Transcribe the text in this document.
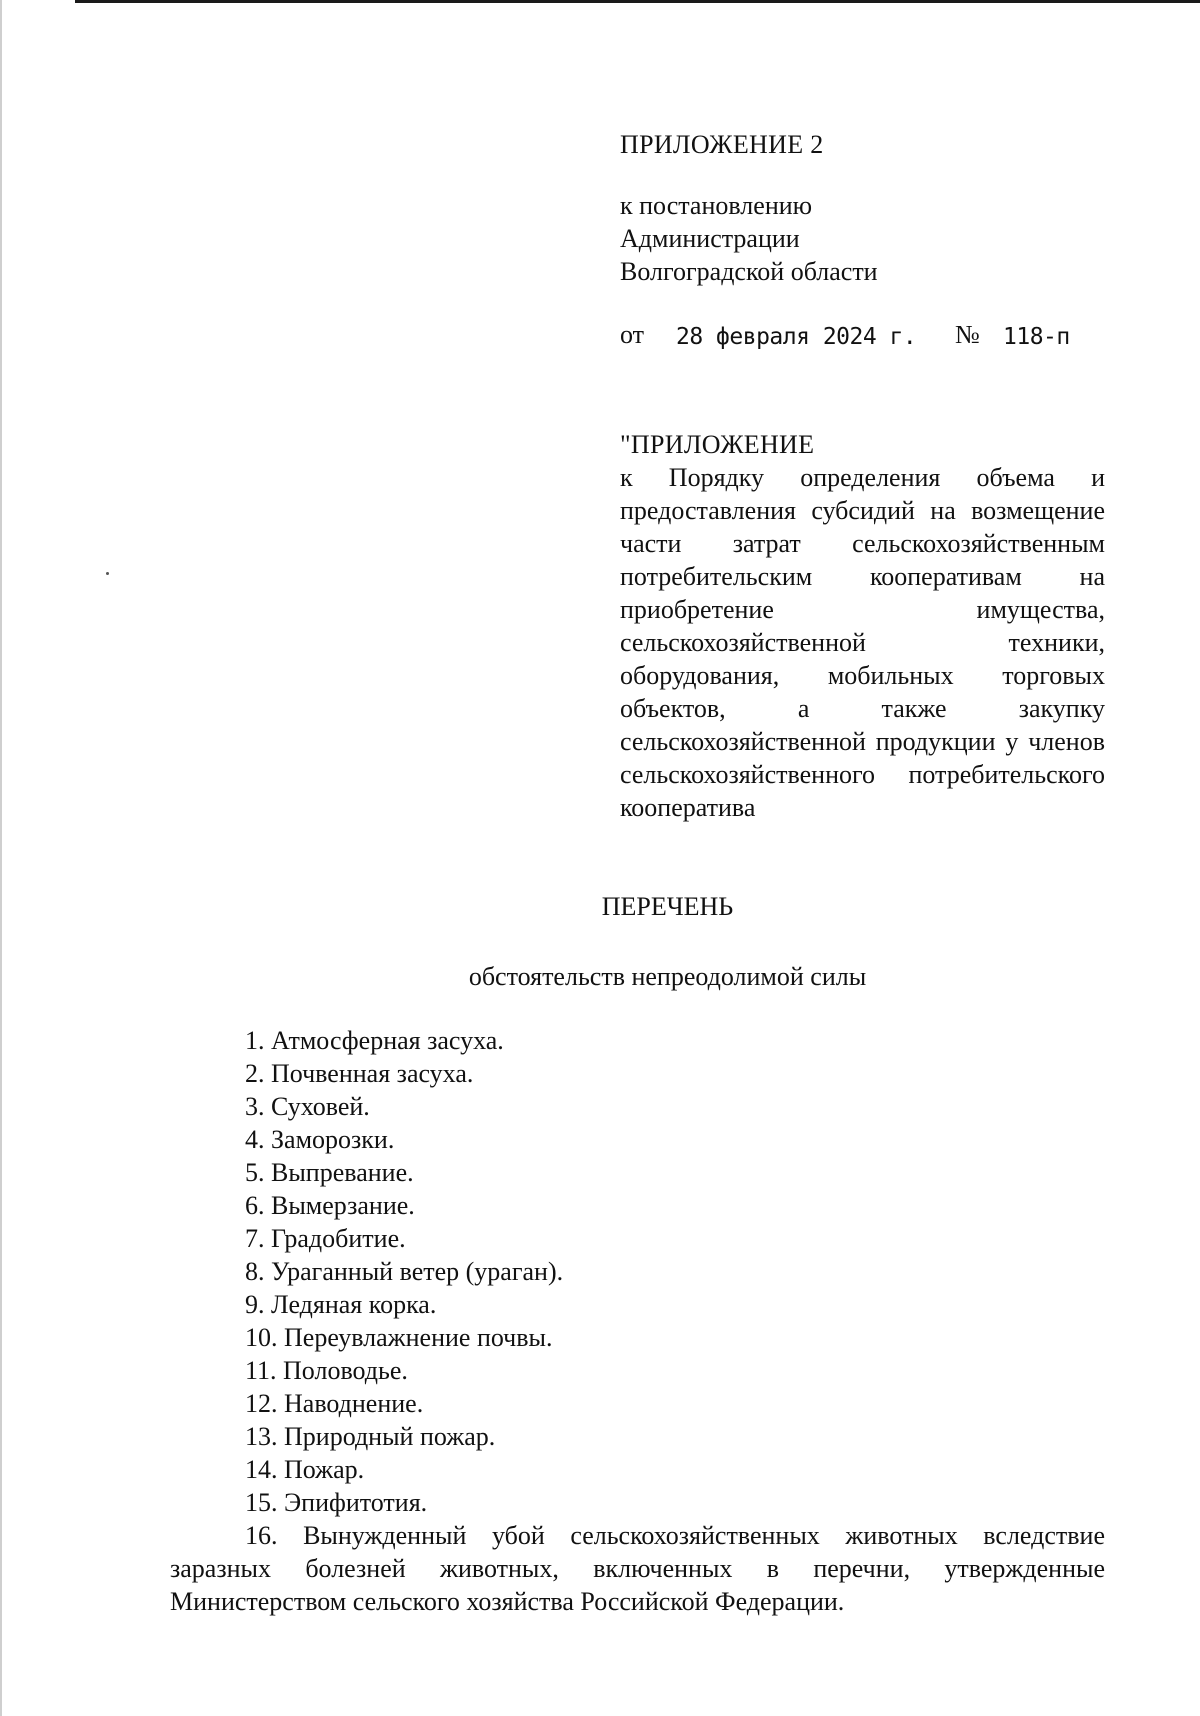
ПРИЛОЖЕНИЕ 2

к постановлению

Администрации

Волгоградской области

от 28 февраля 2024 г. № 118-п

"ПРИЛОЖЕНИЕ

к Порядку определения объема и предоставления субсидий на возмещение части затрат сельскохозяйственным потребительским кооперативам на приобретение имущества, сельскохозяйственной техники, оборудования, мобильных торговых объектов, а также закупку сельскохозяйственной продукции у членов сельскохозяйственного потребительского кооператива

ПЕРЕЧЕНЬ

обстоятельств непреодолимой силы

1. Атмосферная засуха.
2. Почвенная засуха.
3. Суховей.
4. Заморозки.
5. Выпревание.
6. Вымерзание.
7. Градобитие.
8. Ураганный ветер (ураган).
9. Ледяная корка.
10. Переувлажнение почвы.
11. Половодье.
12. Наводнение.
13. Природный пожар.
14. Пожар.
15. Эпифитотия.
16. Вынужденный убой сельскохозяйственных животных вследствие заразных болезней животных, включенных в перечни, утвержденные Министерством сельского хозяйства Российской Федерации.
